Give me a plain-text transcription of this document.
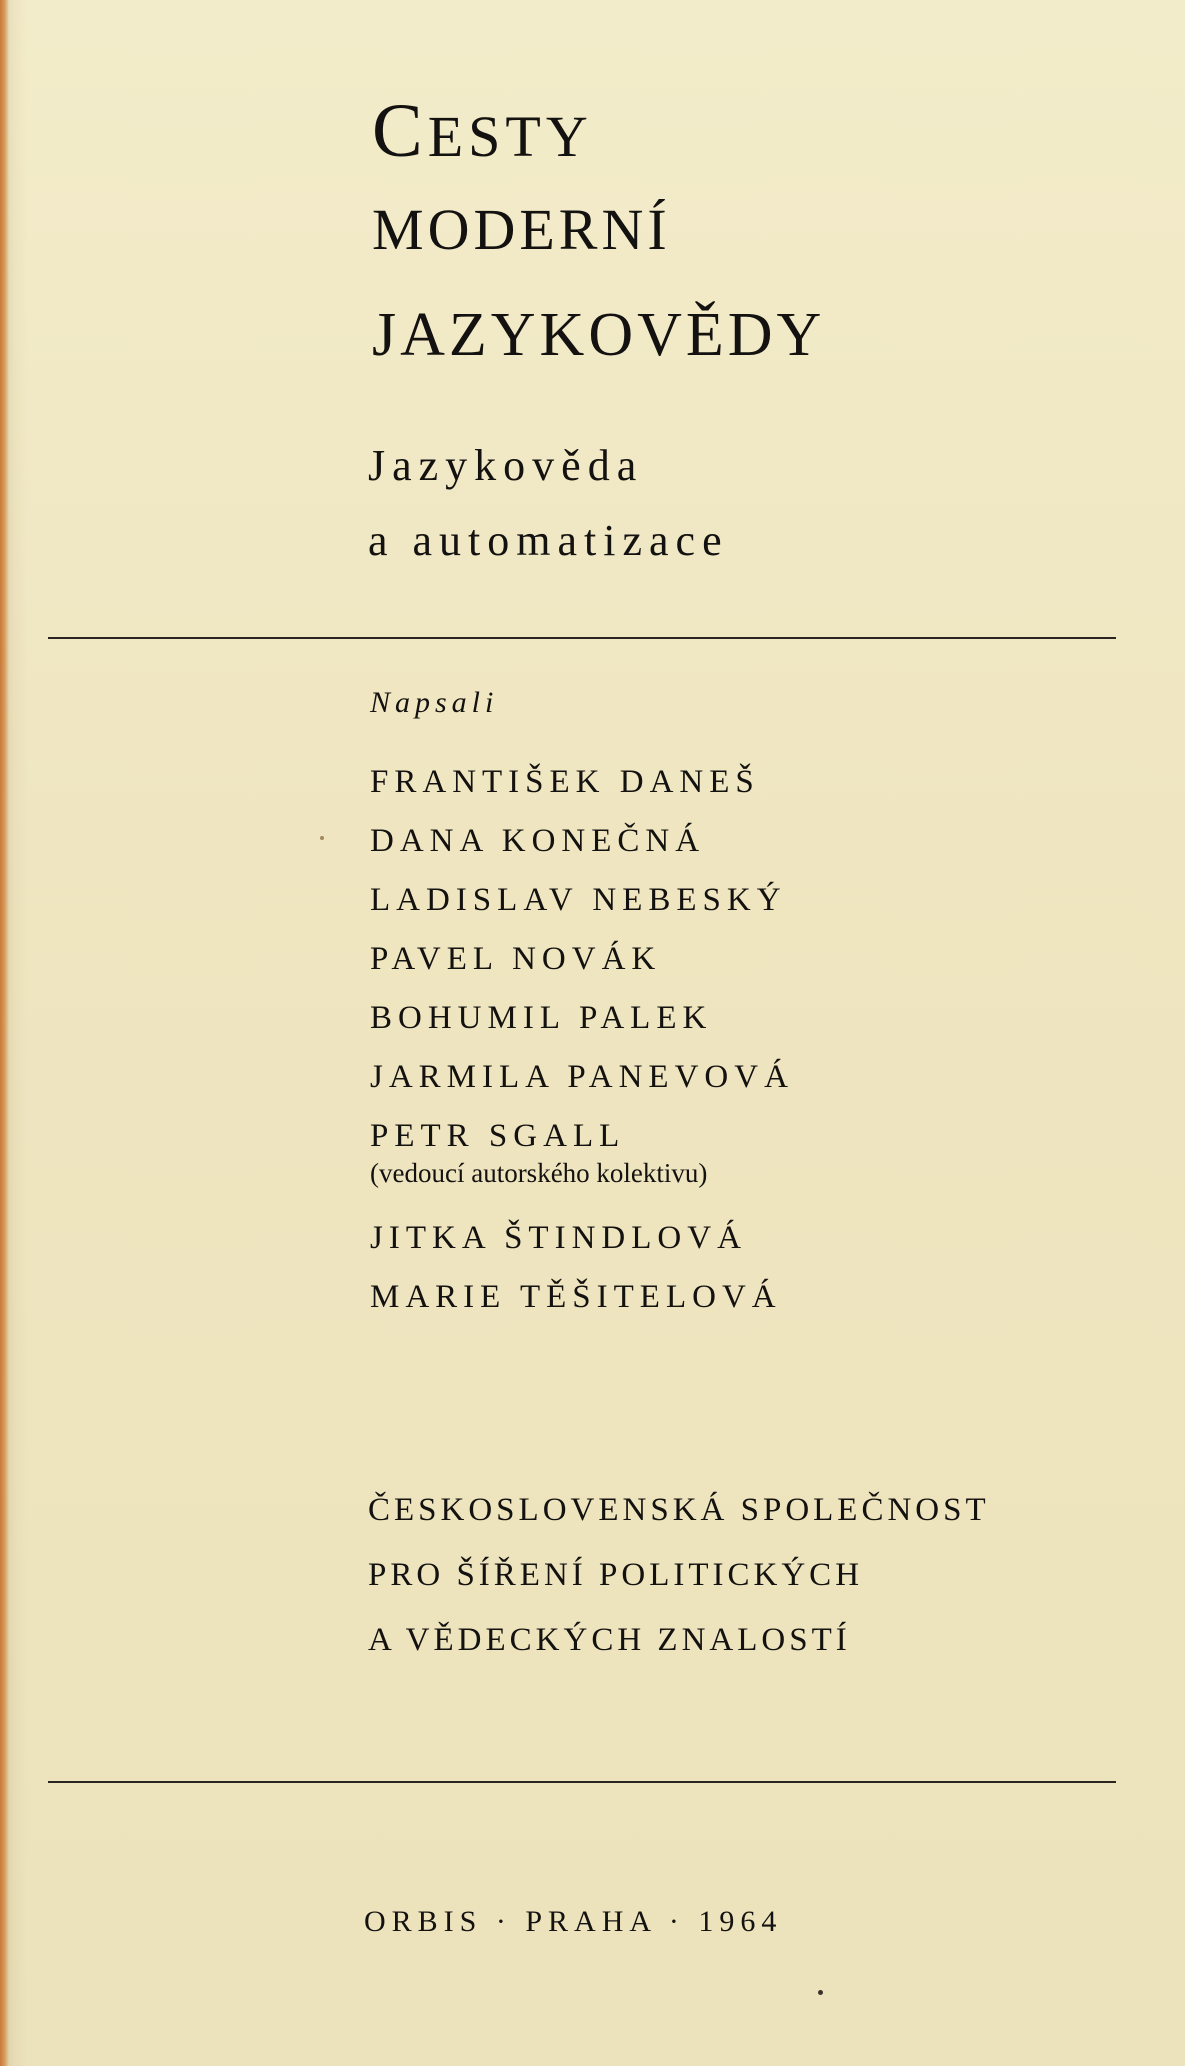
CESTY
MODERNÍ
JAZYKOVĚDY

Jazykověda

a automatizace

Napsali

FRANTIŠEK DANEŠ
DANA KONEČNÁ
LADISLAV NEBESKÝ
PAVEL NOVÁK
BOHUMIL PALEK
JARMILA PANEVOVÁ
PETR SGALL
(vedoucí autorského kolektivu)
JITKA ŠTINDLOVÁ
MARIE TĚŠITELOVÁ
ČESKOSLOVENSKÁ SPOLEČNOST
PRO ŠÍŘENÍ POLITICKÝCH
A VĚDECKÝCH ZNALOSTÍ

ORBIS · PRAHA · 1964
